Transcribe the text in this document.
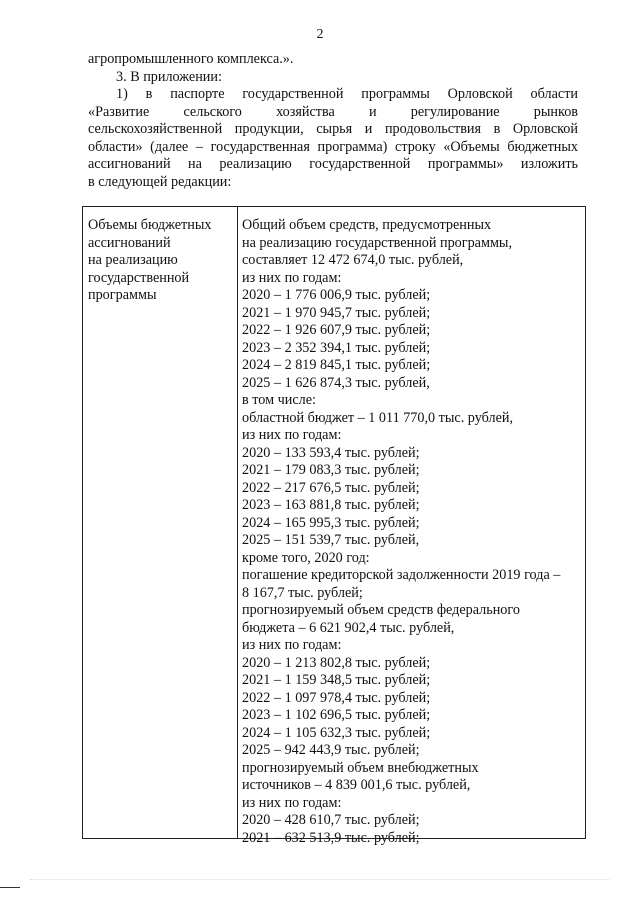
2
агропромышленного комплекса.».
3. В приложении:
1) в паспорте государственной программы Орловской области
«Развитие сельского хозяйства и регулирование рынков
сельскохозяйственной продукции, сырья и продовольствия в Орловской
области» (далее – государственная программа) строку «Объемы бюджетных
ассигнований на реализацию государственной программы» изложить
в следующей редакции:
Объемы бюджетных
ассигнований
на реализацию
государственной
программы
Общий объем средств, предусмотренных
на реализацию государственной программы,
составляет 12 472 674,0 тыс. рублей,
из них по годам:
2020 – 1 776 006,9 тыс. рублей;
2021 – 1 970 945,7 тыс. рублей;
2022 – 1 926 607,9 тыс. рублей;
2023 – 2 352 394,1 тыс. рублей;
2024 – 2 819 845,1 тыс. рублей;
2025 – 1 626 874,3 тыс. рублей,
в том числе:
областной бюджет – 1 011 770,0 тыс. рублей,
из них по годам:
2020 – 133 593,4 тыс. рублей;
2021 – 179 083,3 тыс. рублей;
2022 – 217 676,5 тыс. рублей;
2023 – 163 881,8 тыс. рублей;
2024 – 165 995,3 тыс. рублей;
2025 – 151 539,7 тыс. рублей,
кроме того, 2020 год:
погашение кредиторской задолженности 2019 года –
8 167,7 тыс. рублей;
прогнозируемый объем средств федерального
бюджета – 6 621 902,4 тыс. рублей,
из них по годам:
2020 – 1 213 802,8 тыс. рублей;
2021 – 1 159 348,5 тыс. рублей;
2022 – 1 097 978,4 тыс. рублей;
2023 – 1 102 696,5 тыс. рублей;
2024 – 1 105 632,3 тыс. рублей;
2025 – 942 443,9 тыс. рублей;
прогнозируемый объем внебюджетных
источников – 4 839 001,6 тыс. рублей,
из них по годам:
2020 – 428 610,7 тыс. рублей;
2021 – 632 513,9 тыс. рублей;
